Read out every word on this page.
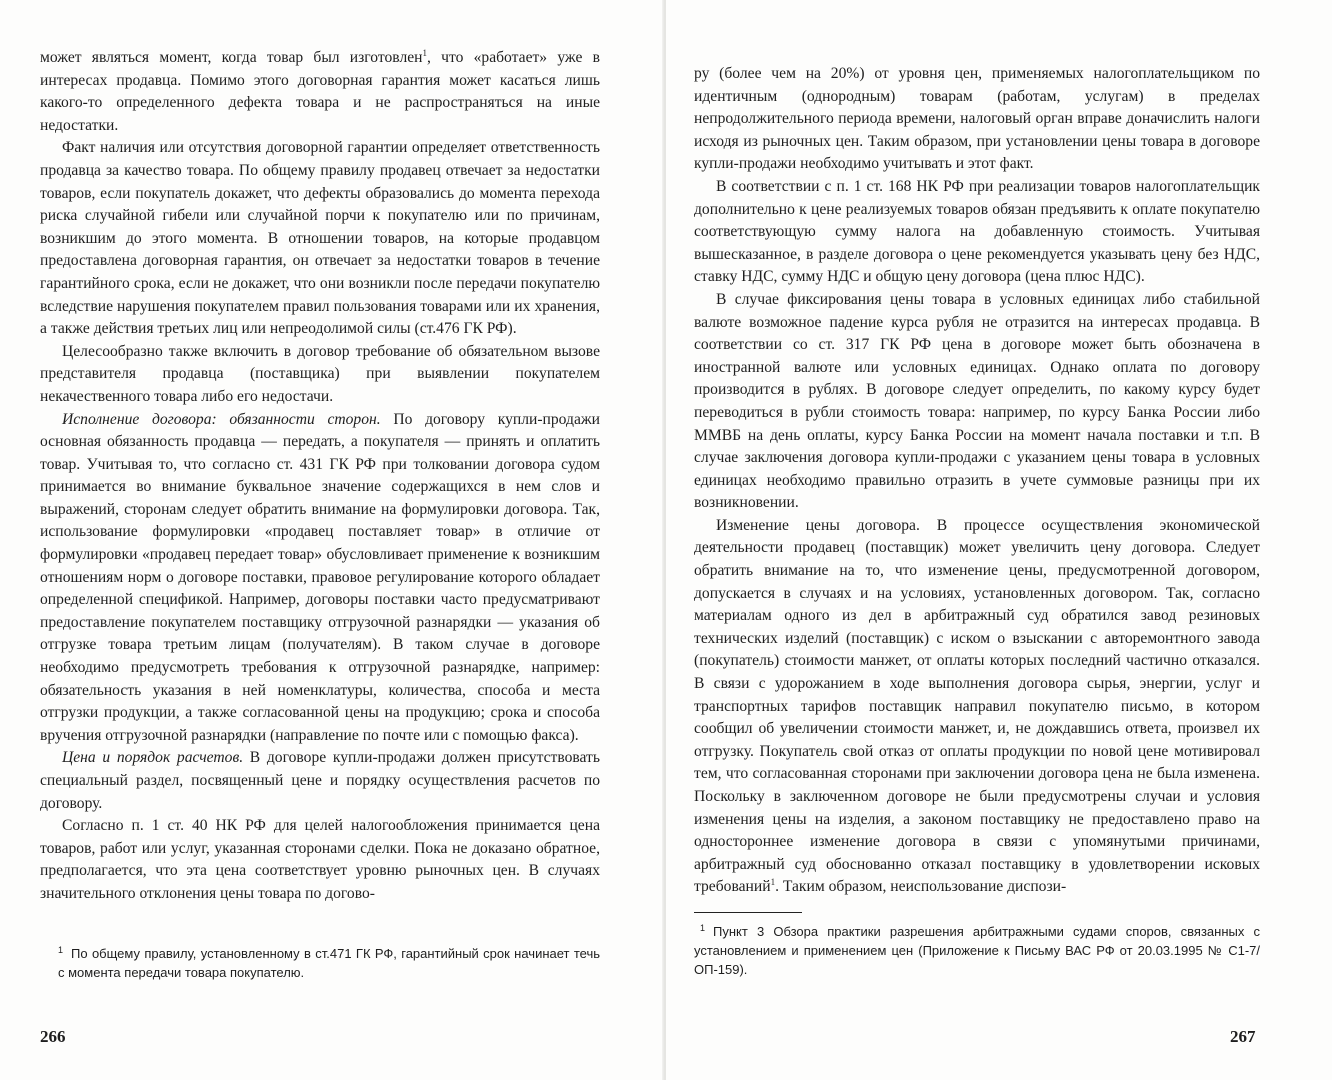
может являться момент, когда товар был изготовлен$^1$, что «работает» уже в интересах продавца. Помимо этого договорная гарантия может касаться лишь какого-то определенного дефекта товара и не распространяться на иные недостатки.

Факт наличия или отсутствия договорной гарантии определяет ответственность продавца за качество товара. По общему правилу продавец отвечает за недостатки товаров, если покупатель докажет, что дефекты образовались до момента перехода риска случайной гибели или случайной порчи к покупателю или по причинам, возникшим до этого момента. В отношении товаров, на которые продавцом предоставлена договорная гарантия, он отвечает за недостатки товаров в течение гарантийного срока, если не докажет, что они возникли после передачи покупателю вследствие нарушения покупателем правил пользования товарами или их хранения, а также действия третьих лиц или непреодолимой силы (ст.476 ГК РФ).

Целесообразно также включить в договор требование об обязательном вызове представителя продавца (поставщика) при выявлении покупателем некачественного товара либо его недостачи.

Исполнение договора: обязанности сторон. По договору купли-продажи основная обязанность продавца — передать, а покупателя — принять и оплатить товар. Учитывая то, что согласно ст. 431 ГК РФ при толковании договора судом принимается во внимание буквальное значение содержащихся в нем слов и выражений, сторонам следует обратить внимание на формулировки договора. Так, использование формулировки «продавец поставляет товар» в отличие от формулировки «продавец передает товар» обусловливает применение к возникшим отношениям норм о договоре поставки, правовое регулирование которого обладает определенной спецификой. Например, договоры поставки часто предусматривают предоставление покупателем поставщику отгрузочной разнарядки — указания об отгрузке товара третьим лицам (получателям). В таком случае в договоре необходимо предусмотреть требования к отгрузочной разнарядке, например: обязательность указания в ней номенклатуры, количества, способа и места отгрузки продукции, а также согласованной цены на продукцию; срока и способа вручения отгрузочной разнарядки (направление по почте или с помощью факса).

Цена и порядок расчетов. В договоре купли-продажи должен присутствовать специальный раздел, посвященный цене и порядку осуществления расчетов по договору.

Согласно п. 1 ст. 40 НК РФ для целей налогообложения принимается цена товаров, работ или услуг, указанная сторонами сделки. Пока не доказано обратное, предполагается, что эта цена соответствует уровню рыночных цен. В случаях значительного отклонения цены товара по догово-

$^1$ По общему правилу, установленному в ст.471 ГК РФ, гарантийный срок начинает течь с момента передачи товара покупателю.
266

ру (более чем на 20%) от уровня цен, применяемых налогоплательщиком по идентичным (однородным) товарам (работам, услугам) в пределах непродолжительного периода времени, налоговый орган вправе доначислить налоги исходя из рыночных цен. Таким образом, при установлении цены товара в договоре купли-продажи необходимо учитывать и этот факт.

В соответствии с п. 1 ст. 168 НК РФ при реализации товаров налогоплательщик дополнительно к цене реализуемых товаров обязан предъявить к оплате покупателю соответствующую сумму налога на добавленную стоимость. Учитывая вышесказанное, в разделе договора о цене рекомендуется указывать цену без НДС, ставку НДС, сумму НДС и общую цену договора (цена плюс НДС).

В случае фиксирования цены товара в условных единицах либо стабильной валюте возможное падение курса рубля не отразится на интересах продавца. В соответствии со ст. 317 ГК РФ цена в договоре может быть обозначена в иностранной валюте или условных единицах. Однако оплата по договору производится в рублях. В договоре следует определить, по какому курсу будет переводиться в рубли стоимость товара: например, по курсу Банка России либо ММВБ на день оплаты, курсу Банка России на момент начала поставки и т.п. В случае заключения договора купли-продажи с указанием цены товара в условных единицах необходимо правильно отразить в учете суммовые разницы при их возникновении.

Изменение цены договора. В процессе осуществления экономической деятельности продавец (поставщик) может увеличить цену договора. Следует обратить внимание на то, что изменение цены, предусмотренной договором, допускается в случаях и на условиях, установленных договором. Так, согласно материалам одного из дел в арбитражный суд обратился завод резиновых технических изделий (поставщик) с иском о взыскании с авторемонтного завода (покупатель) стоимости манжет, от оплаты которых последний частично отказался. В связи с удорожанием в ходе выполнения договора сырья, энергии, услуг и транспортных тарифов поставщик направил покупателю письмо, в котором сообщил об увеличении стоимости манжет, и, не дождавшись ответа, произвел их отгрузку. Покупатель свой отказ от оплаты продукции по новой цене мотивировал тем, что согласованная сторонами при заключении договора цена не была изменена. Поскольку в заключенном договоре не были предусмотрены случаи и условия изменения цены на изделия, а законом поставщику не предоставлено право на одностороннее изменение договора в связи с упомянутыми причинами, арбитражный суд обоснованно отказал поставщику в удовлетворении исковых требований$^1$. Таким образом, неиспользование диспози-

$^1$ Пункт 3 Обзора практики разрешения арбитражными судами споров, связанных с установлением и применением цен (Приложение к Письму ВАС РФ от 20.03.1995 № С1-7/ОП-159).
267
